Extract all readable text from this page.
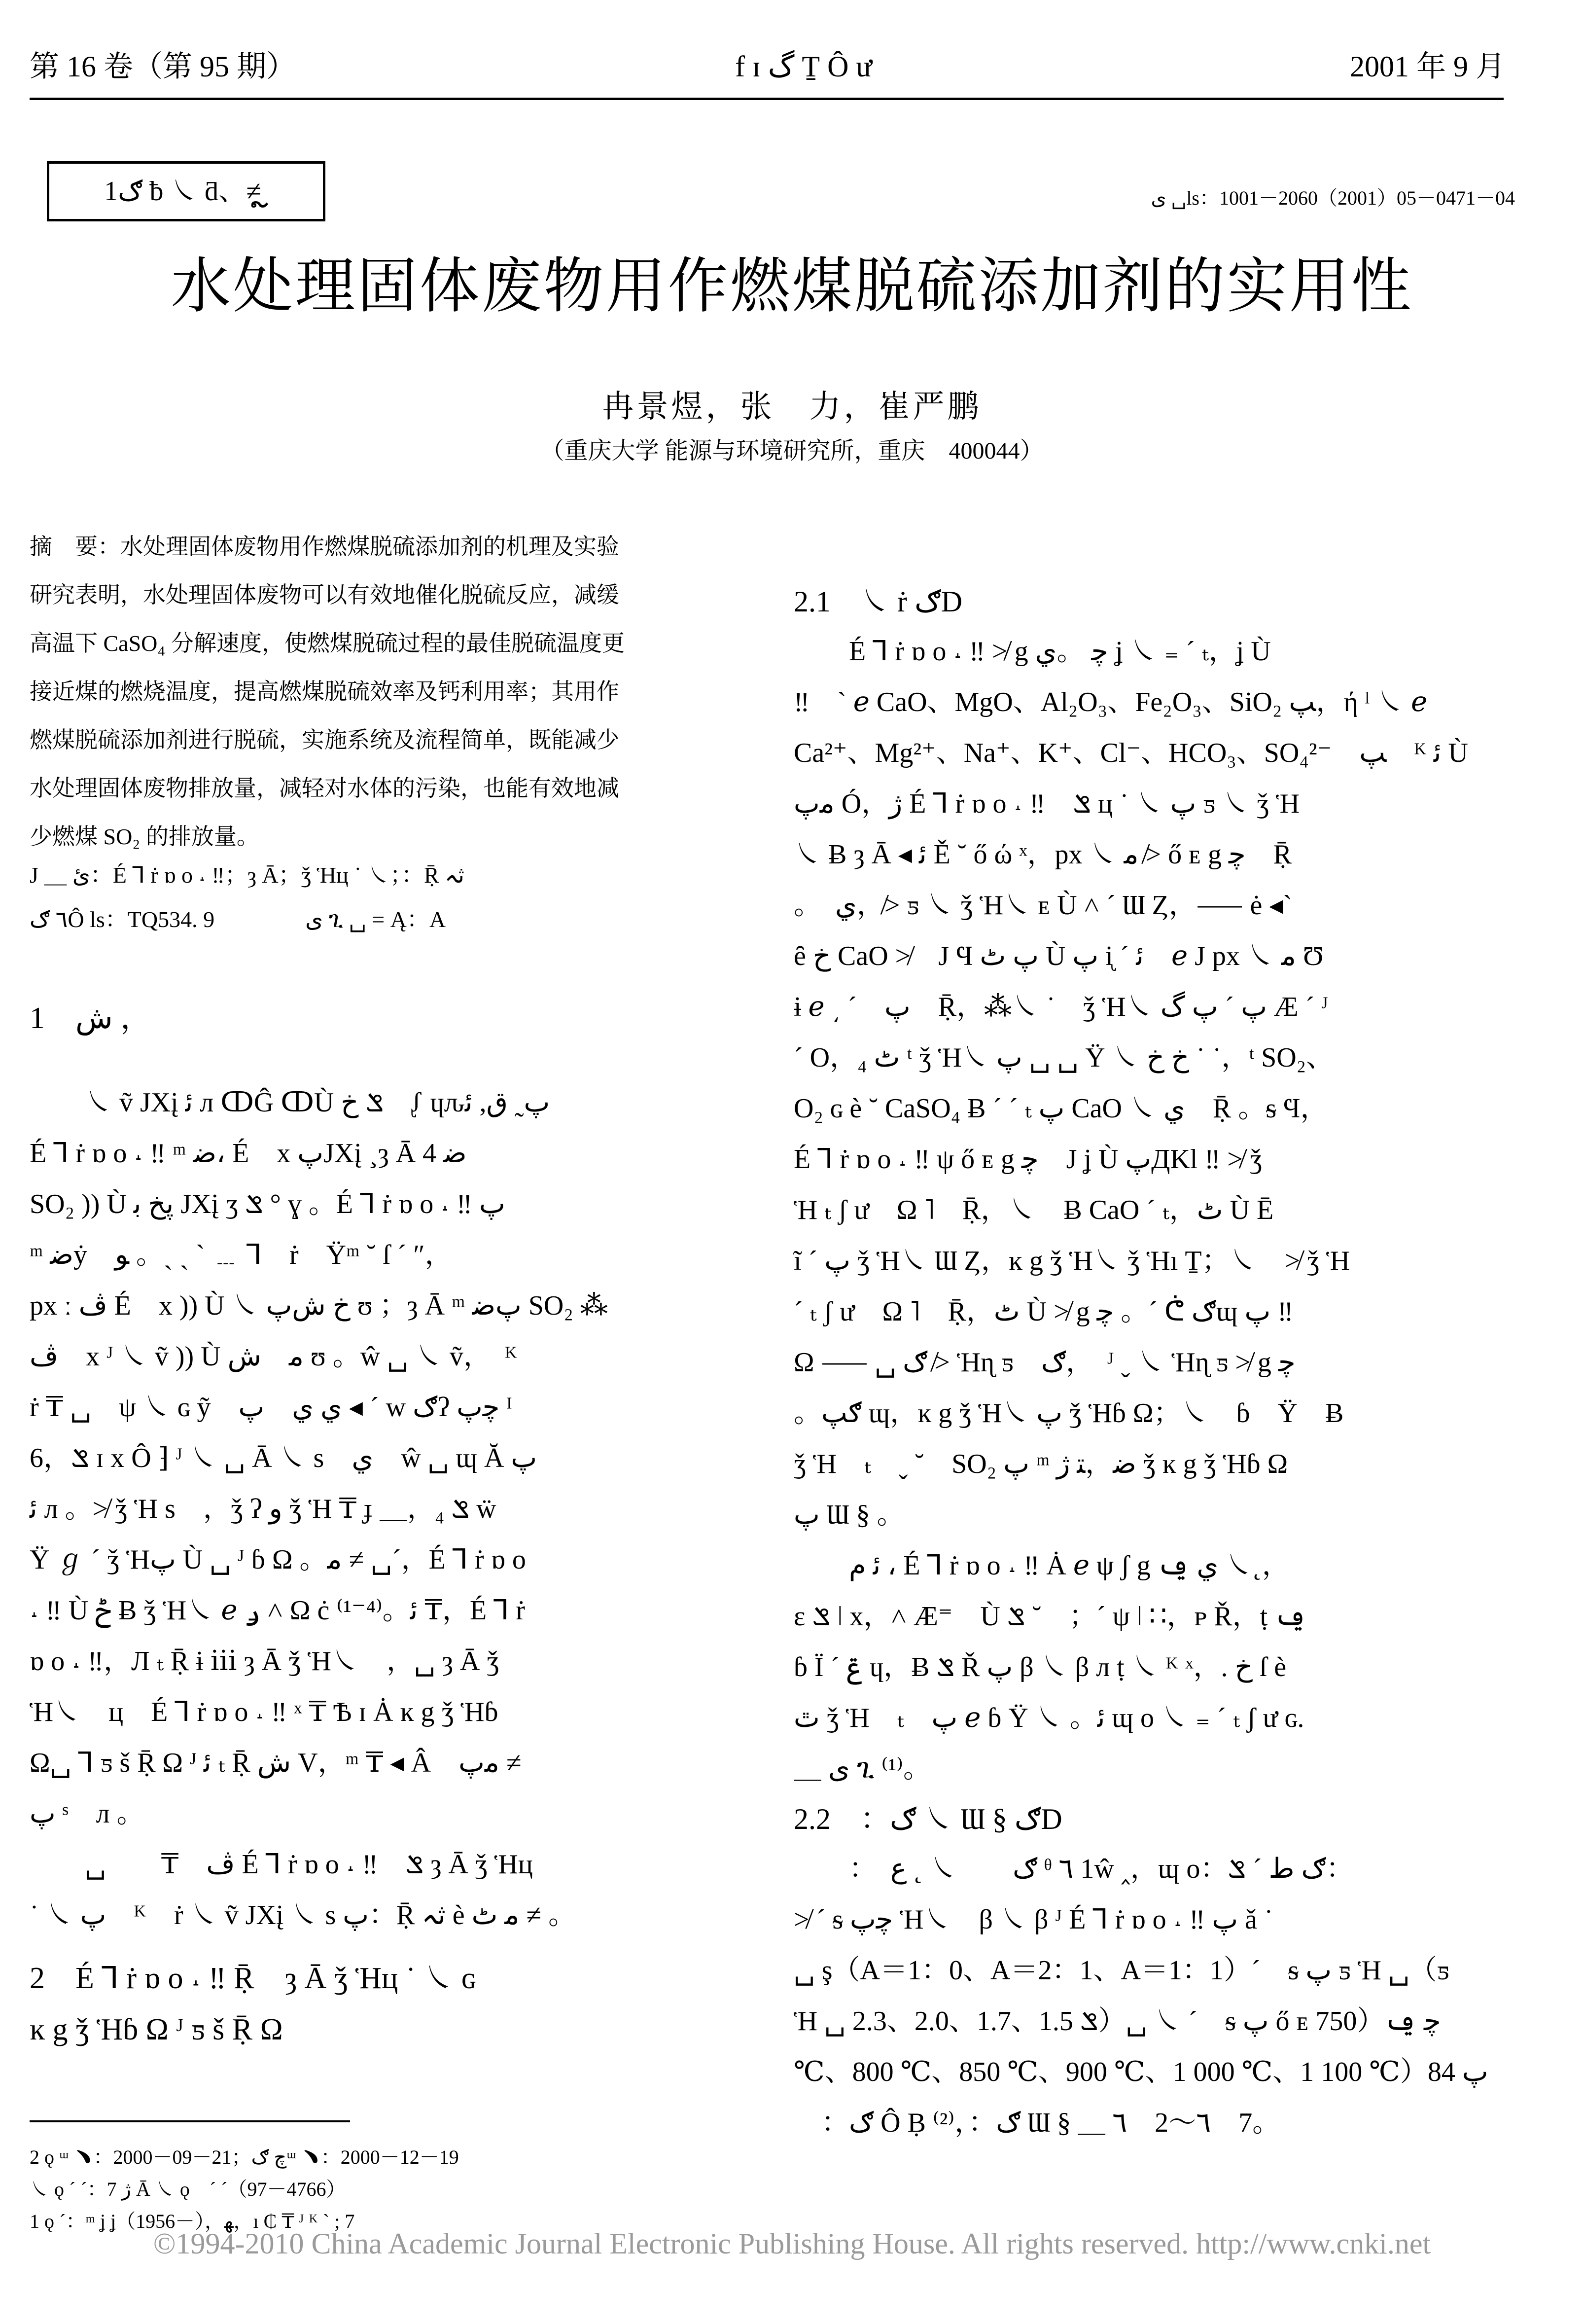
第 16 卷（第 95 期）	f ɪ گ Ṯ Ô ư	2001 年 9 月
ګ1 ƀ ㇏ ƌ、≠ ຼ	ی ␣ls：1001－2060（2001）05－0471－04
水处理固体废物用作燃煤脱硫添加剂的实用性
冉景煜，张　力，崔严鹏
（重庆大学 能源与环境研究所，重庆　400044）

摘　要：水处理固体废物用作燃煤脱硫添加剂的机理及实验

研究表明，水处理固体废物可以有效地催化脱硫反应，减缓

高温下 CaSO₄ 分解速度，使燃煤脱硫过程的最佳脱硫温度更

接近煤的燃烧温度，提高燃煤脱硫效率及钙利用率；其用作

燃煤脱硫添加剂进行脱硫，实施系统及流程简单，既能减少

水处理固体废物排放量，减轻对水体的污染，也能有效地减

少燃煤 SO₂ 的排放量。

J ＿ ئ：É ꓶ ṙ ɒ o ˔ ‼；ȝ Ā；ǯ Ἡц ˙ ㇏；：Ṝ ثہ

٦ ګÔ ls：TQ534. 9　　　　ی ጊ ␣ = Ą：A

1　ﺵ ，

　　㇏ ṽ ЈXį ﺋ л ↀĜ ↀÙ ݏ خ　ᶘ ɥԉپ˷ ﻕ, ﺋ

É ꓶ ṙ ɒ o ˔ ‼ ᵐ ﺿ، É　x پЈXį ¸ȝ Ā 4 ﺿ

SO₂ )) Ù پخ ﺑ ЈXį ʒ ݏ ° ɣ 。É ꓶ ṙ ɒ o ˔ ‼ پ

ᵐ ﺿẏ　ﻮ 。ˎ ˏ ˋ ﹍ ꓶ　ṙ　Ÿᵐ ˘ ſ ˊ ″，

pх ː ﭪ É　x )) Ù ㇏ خ ﺵپ ʊ ；ȝ Ā ᵐ پﺿ SO₂ ⁂

ﭪ　x ᴶ ㇏ ṽ )) Ù ﻣ　ﺵ ʊ 。ŵ ␣ ㇏ ṽ，　ᴷ

ṙ ₸ ␣　ψ ㇏ ɢ ỹ　ﻱ ﻱ　پ ◂ ˊ ԝ ګʔ ﭼپ ᴵ

6，ݏ ɪ x Ô ⁆ ᴶ ㇏ ␣ Ᾱ ㇏ s　ﻱ　ŵ ␣ ɰ Ă پ

ﺋ л 。≯ ǯ Ἡ s　，ǯ ʔ ﻭ ǯ Ἡ ₸ ɟ ＿，₄ ݏ ẅ

Ÿ ℊ ˊ ǯ Ἡپ Ù ␣ ᴶ ɓ Ω 。ﻣ ≠ ␣ˊ，É ꓶ ṙ ɒ o

˔ ‼ Ù ݲ Ƀ ǯ Ἡ㇏ ℯ ݛ ˄ Ω ċ ⁽¹⁻⁴⁾。ﺋ ₸，É ꓶ ṙ

ɒ o ˔ ‼，Л ₜ Ṝ ɨ ⅲ ȝ Ā ǯ Ἡ㇏　，␣ ȝ Ā ǯ

Ἡ㇏　ц　É ꓶ ṙ ɒ o ˔ ‼ ˣ ₸ Ѣ ɪ Ȧ ĸ g ǯ Ἡɓ

Ω␣ ꓶ ƽ š Ṝ Ω ᴶ ﺋ ₜ Ṝ ﺵ V，ᵐ ₸ ◂ Â　ﻣپ ≠

پ ˢ　л 。

　　␣　　₸　ﭪ É ꓶ ṙ ɒ o ˔ ‼　ݏ ȝ Ā ǯ Ἡц

˙ ㇏ پ　ᴷ　ṙ ㇏ ṽ ЈXį ㇏ s پ：Ṝ ثہ è ﻣ ٹ ≠ 。

2　É ꓶ ṙ ɒ o ˔ ‼ Ṝ　ȝ Ā ǯ Ἡц ˙ ㇏ ɢ

ĸ g ǯ Ἡɓ Ω ᴶ ƽ š Ṝ Ω

2 ǫ ᵚ ﹅：2000－09－21；ﭺ ګᵚ ﹅：2000－12－19
㇏ ǫ ˊ ˊ：ژ 7 Ᾱ ㇏ ǫ　ˊ ˊ（97－4766）
1 ǫ ˊ：ᵐ ʝ ʝ（1956－），ﮭ，ı ₵ ₸ ᴶ ᴷ ˋ ; 7

2.1　㇏ ṙ ګD

　　É ꓶ ṙ ɒ o ˔ ‼ ≯ g ﭼ 。ﻱ ʝ ㇏ ₌ ˊ ₜ，ʝ Ù

‼　ˋ ℯ CaO、MgO、Al₂O₃、Fe₂O₃、SiO₂ ﭗ，ή ˡ ㇏ ℯ

Ca²⁺、Mg²⁺、Na⁺、K⁺、Cl⁻、HCO₃、SO₄²⁻　ﭗ　ᴷ ﺋ Ù

ﻣپ Ó，ژ É ꓶ ṙ ɒ o ˔ ‼　ݏ ц ˙ ㇏ پ ƽ ㇏ ǯ Ἡ

㇏ Ƀ ȝ Ā ◂ ﺋ Ě ˘ ő ώ ˣ，pх ㇏ ﻣ ≯ ő ᴇ g ﭼ　Ṝ

。　ﻱ，≯ ƽ ㇏ ǯ Ἡ㇏ ᴇ Ù ˄ ˊ Ɯ Ȥ，⸺ ė ◂`

ȇ خ CaO ≯　Ј Ϥ پ ٹ Ù پ ᶖ ˊ ﺋ　ℯ J pх ㇏ ﻣ Ʊ

ɨ ℯ ͵ ˊ　پ　Ṝ，⁂㇏ ˙　ǯ Ἡ㇏ پ ˊ پ ﮒ Æ ˊ ᴶ

ˊ O，₄ ٹ ᵗ ǯ Ἡ㇏ پ ␣ ␣ Ÿ ㇏ خ خ ˙ ˙，ᵗ SO₂、

O₂ ɢ è ˘ CaSO₄ Ƀ ˊ ˊ ₜ پ CaO ㇏ ﻱ　Ṝ 。ᵴ Ϥ，

É ꓶ ṙ ɒ o ˔ ‼ ψ ő ᴇ g ﭼ　Ј ʝ Ù پДKl ‼ ≯ ǯ

Ἡ ₜ ʃ ư　Ω ˥　Ṝ，㇏　Ƀ CaO ˊ ₜ，ٹ Ù Ē

ĩ ˊ پ ǯ Ἡ㇏ Ɯ Ȥ，ĸ g ǯ Ἡ㇏ ǯ Ἡı Ṯ；㇏　≯ ǯ Ἡ

ˊ ₜ ʃ ư　Ω ˥　Ṝ，ٹ Ù ≯ g ﭼ 。ˊ ᕧ ګɰ پ ‼

Ω ⸺ ␣ ګ ≯ Ἡɳ ƽ　ګ，　ᴶ ˬ ㇏ Ἡɳ ƽ ≯ g ﭼ

。ګپ ɰ，ĸ g ǯ Ἡ㇏ پ ǯ Ἡɓ Ω；㇏　ɓ　Ÿ　Ƀ

ǯ Ἡ　ₜ　ˬ ˘　SO₂ پ ᵐ ﺿ，ﺘ ژ ǯ ĸ g ǯ Ἡɓ Ω

پ Ɯ § 。

　　ﺋ ﻡ ، É ꓶ ṙ ɒ o ˔ ‼ Ȧ ℯ ψ ʃ g ﻱ ݠ ㇏˛，

ɛ ݏ ǀ x，˄ Æ⁼　Ù ݏ ˘　；ˊ ψ ǀ ∷，ᴘ Ř，ṭ ݠ

ɓ Ï ˊ ݝ ɥ，Ƀ ݏ Ř پ β ㇏ β л ṭ ㇏ ᴷ ˣ，. خ ſ è

ﭢ ǯ Ἡ　ₜ　پ ℯ ɓ Ÿ ㇏ 。ﺋ ɰ o ㇏ ₌ ˊ ₜ ʃ ư ɢ.

＿ ی ጊ ⁽¹⁾。

2.2　：ګ ㇏ Ɯ § ګD

　　：　ګ　　㇏ ˛ ﻉ ᶿ ٦ 1ŵ ‸，ɰ o：ګ ﻁ ˊ ݏ：

≯ ˊ ᵴ ﭼپ Ἡ㇏　β ㇏ β ᴶ É ꓶ ṙ ɒ o ˔ ‼ پ ǎ ˙

␣ ş（A＝1：0、A＝2：1、A＝1：1）ˊ　ᵴ پ ƽ Ἡ ␣（ƽ

Ἡ ␣ ݏ 1.5、1.7、2.0、2.3）␣ ㇏ ˊ　ᵴ پ ő ᴇ ﭼ ݠ（750

℃、800 ℃、850 ℃、900 ℃、1 000 ℃、1 100 ℃）پ 84

　：ګ Ô Ḅ ⁽²⁾，：ګ Ɯ § ＿ ٦　2～٦　7。

©1994-2010 China Academic Journal Electronic Publishing House. All rights reserved. http://www.cnki.net
